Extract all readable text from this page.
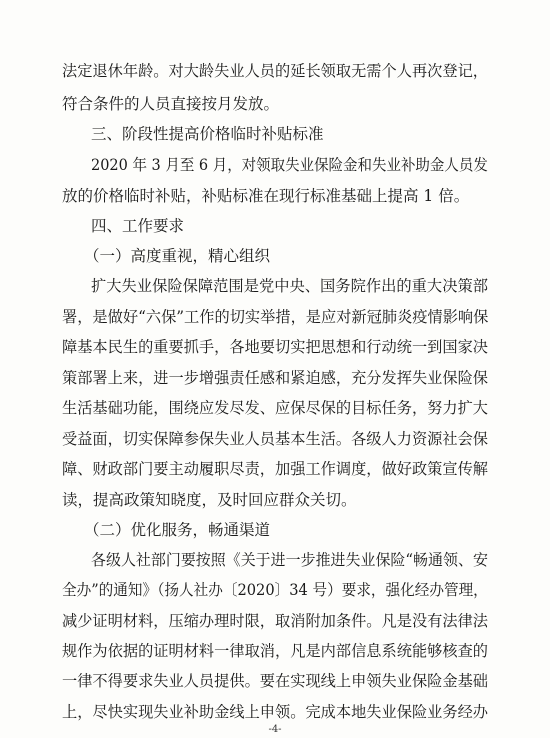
法定退休年龄。对大龄失业人员的延长领取无需个人再次登记，
符合条件的人员直接按月发放。
三、阶段性提高价格临时补贴标准
2020 年 3 月至 6 月，对领取失业保险金和失业补助金人员发
放的价格临时补贴，补贴标准在现行标准基础上提高 1 倍。
四、工作要求
（一）高度重视，精心组织
扩大失业保险保障范围是党中央、国务院作出的重大决策部
署，是做好“六保”工作的切实举措，是应对新冠肺炎疫情影响保
障基本民生的重要抓手，各地要切实把思想和行动统一到国家决
策部署上来，进一步增强责任感和紧迫感，充分发挥失业保险保
生活基础功能，围绕应发尽发、应保尽保的目标任务，努力扩大
受益面，切实保障参保失业人员基本生活。各级人力资源社会保
障、财政部门要主动履职尽责，加强工作调度，做好政策宣传解
读，提高政策知晓度，及时回应群众关切。
（二）优化服务，畅通渠道
各级人社部门要按照《关于进一步推进失业保险“畅通领、安
全办”的通知》（扬人社办〔2020〕34 号）要求，强化经办管理，
减少证明材料，压缩办理时限，取消附加条件。凡是没有法律法
规作为依据的证明材料一律取消，凡是内部信息系统能够核查的
一律不得要求失业人员提供。要在实现线上申领失业保险金基础
上，尽快实现失业补助金线上申领。完成本地失业保险业务经办
-4-
